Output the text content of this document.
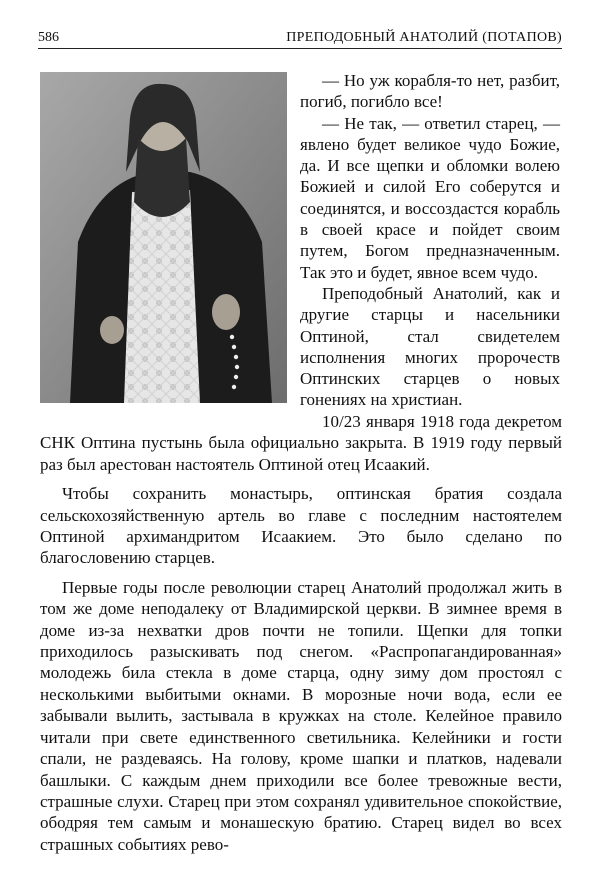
586	ПРЕПОДОБНЫЙ АНАТОЛИЙ (ПОТАПОВ)

— Но уж корабля-то нет, разбит, погиб, погибло все!

— Не так, — ответил старец, — явлено будет великое чудо Божие, да. И все щепки и обломки волею Божией и силой Его соберутся и соединятся, и воссоздастся корабль в своей красе и пойдет своим путем, Богом предназначенным. Так это и будет, явное всем чудо.

Преподобный Анатолий, как и другие старцы и насельники Оптиной, стал свидетелем исполнения многих пророчеств Оптинских старцев о новых гонениях на христиан.

10/23 января 1918 года декретом СНК Оптина пустынь была официально закрыта. В 1919 году первый раз был арестован настоятель Оптиной отец Исаакий.

Чтобы сохранить монастырь, оптинская братия создала сельскохозяйственную артель во главе с последним настоятелем Оптиной архимандритом Исаакием. Это было сделано по благословению старцев.

Первые годы после революции старец Анатолий продолжал жить в том же доме неподалеку от Владимирской церкви. В зимнее время в доме из-за нехватки дров почти не топили. Щепки для топки приходилось разыскивать под снегом. «Распропагандированная» молодежь била стекла в доме старца, одну зиму дом простоял с несколькими выбитыми окнами. В морозные ночи вода, если ее забывали вылить, застывала в кружках на столе. Келейное правило читали при свете единственного светильника. Келейники и гости спали, не раздеваясь. На голову, кроме шапки и платков, надевали башлыки. С каждым днем приходили все более тревожные вести, страшные слухи. Старец при этом сохранял удивительное спокойствие, ободряя тем самым и монашескую братию. Старец видел во всех страшных событиях рево-
